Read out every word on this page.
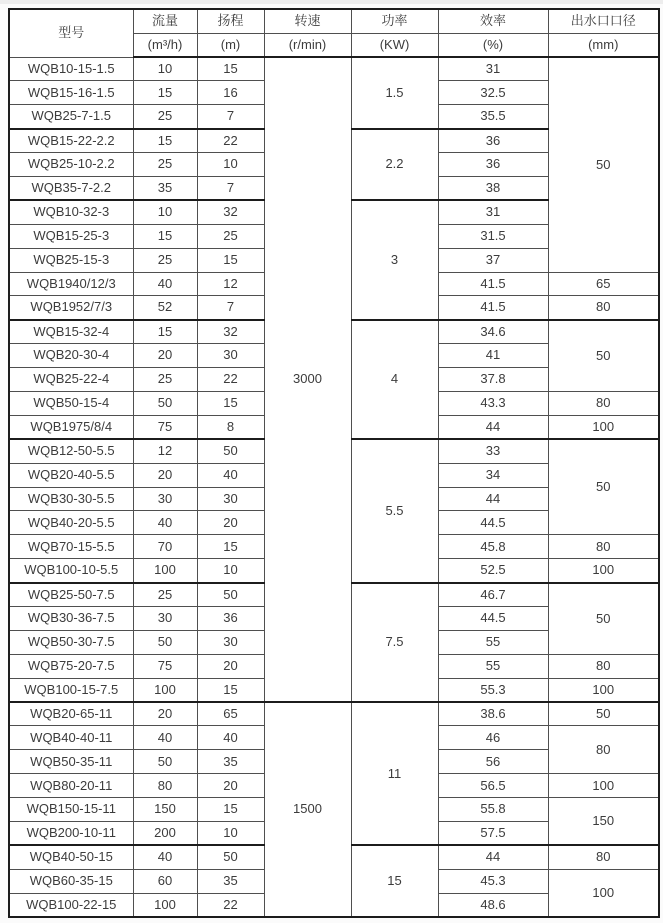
型号	流量	扬程	转速	功率	效率	出水口口径
	(m³/h)	(m)	(r/min)	(KW)	(%)	(mm)
WQB10-15-1.5	10	15	3000	1.5	31	50
WQB15-16-1.5	15	16			32.5	
WQB25-7-1.5	25	7			35.5	
WQB15-22-2.2	15	22		2.2	36	
WQB25-10-2.2	25	10			36	
WQB35-7-2.2	35	7			38	
WQB10-32-3	10	32		3	31	
WQB15-25-3	15	25			31.5	
WQB25-15-3	25	15			37	
WQB1940/12/3	40	12			41.5	65
WQB1952/7/3	52	7			41.5	80
WQB15-32-4	15	32		4	34.6	50
WQB20-30-4	20	30			41	
WQB25-22-4	25	22			37.8	
WQB50-15-4	50	15			43.3	80
WQB1975/8/4	75	8			44	100
WQB12-50-5.5	12	50		5.5	33	50
WQB20-40-5.5	20	40			34	
WQB30-30-5.5	30	30			44	
WQB40-20-5.5	40	20			44.5	
WQB70-15-5.5	70	15			45.8	80
WQB100-10-5.5	100	10			52.5	100
WQB25-50-7.5	25	50		7.5	46.7	50
WQB30-36-7.5	30	36			44.5	
WQB50-30-7.5	50	30			55	
WQB75-20-7.5	75	20			55	80
WQB100-15-7.5	100	15			55.3	100
WQB20-65-11	20	65	1500	11	38.6	50
WQB40-40-11	40	40			46	80
WQB50-35-11	50	35			56	
WQB80-20-11	80	20			56.5	100
WQB150-15-11	150	15			55.8	150
WQB200-10-11	200	10			57.5	
WQB40-50-15	40	50		15	44	80
WQB60-35-15	60	35			45.3	100
WQB100-22-15	100	22			48.6	
